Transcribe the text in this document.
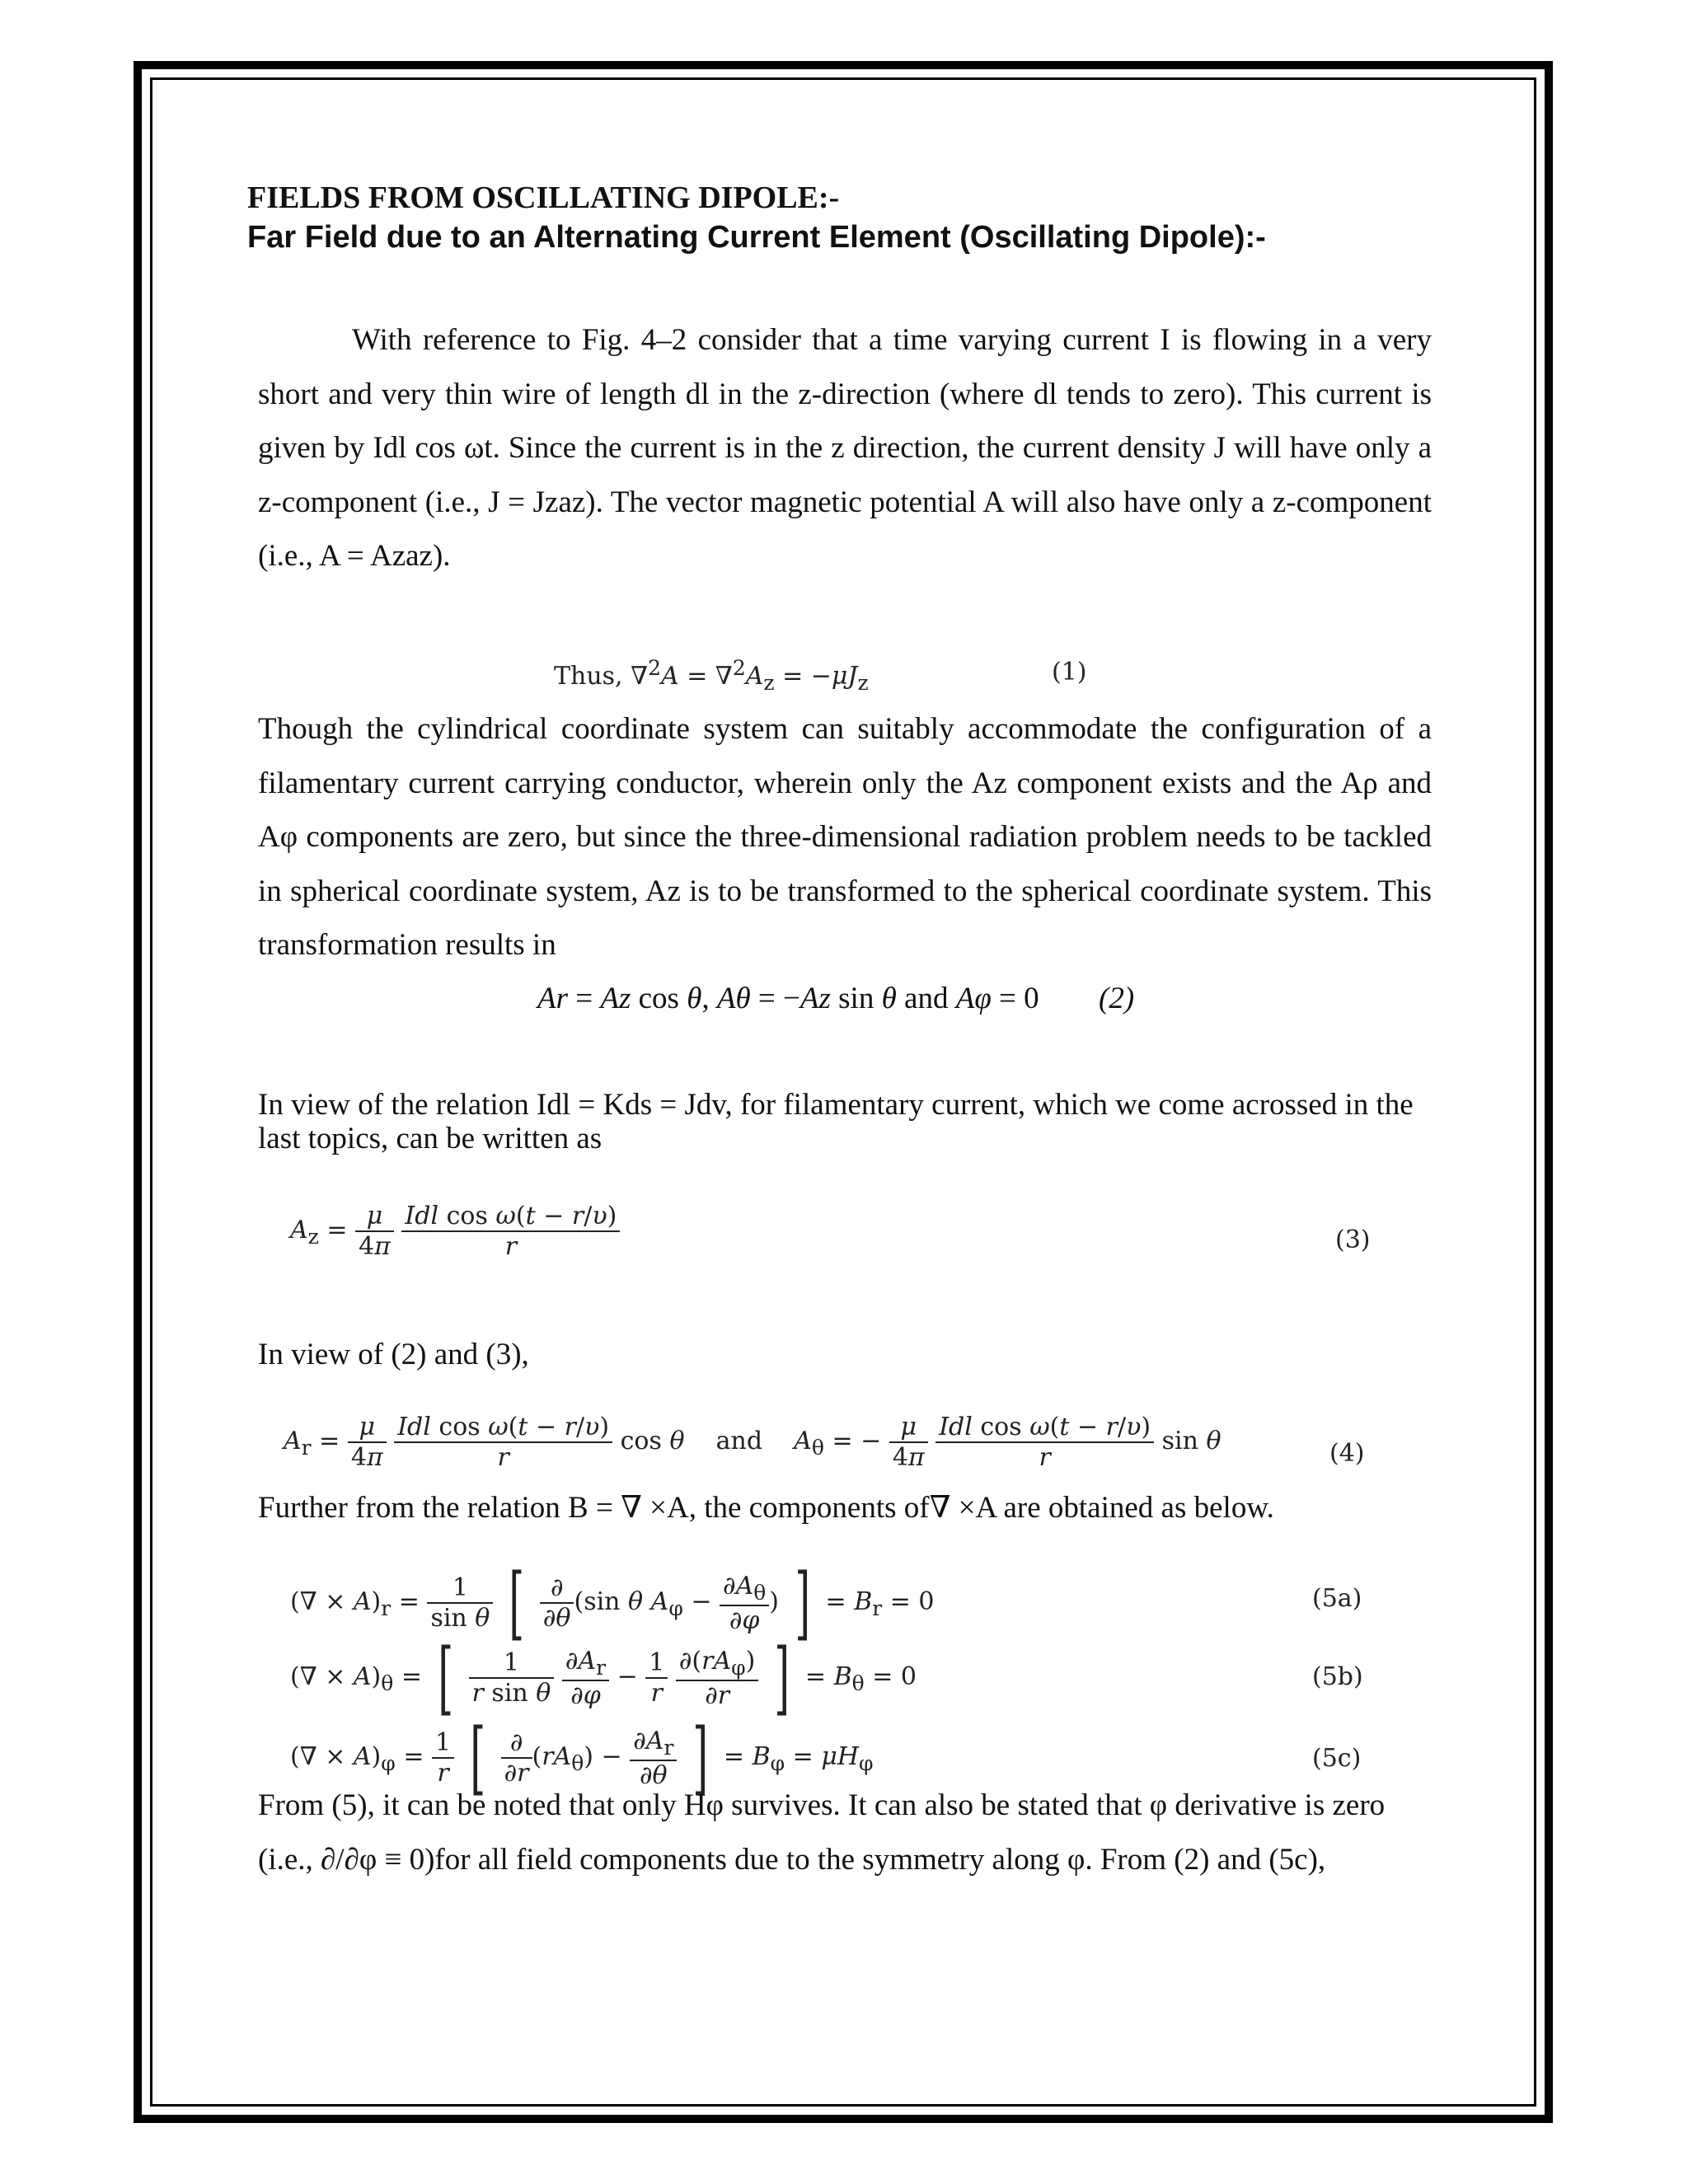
FIELDS FROM OSCILLATING DIPOLE:-
Far Field due to an Alternating Current Element (Oscillating Dipole):-

With reference to Fig. 4–2 consider that a time varying current I is flowing in a very short and very thin wire of length dl in the z-direction (where dl tends to zero). This current is given by Idl cos ωt. Since the current is in the z direction, the current density J will have only a z-component (i.e., J = Jzaz). The vector magnetic potential A will also have only a z-component (i.e., A = Azaz).

Thus, $\nabla^2A = \nabla^2A_z = -\mu J_z$	(1)

Though the cylindrical coordinate system can suitably accommodate the configuration of a filamentary current carrying conductor, wherein only the Az component exists and the Aρ and Aφ components are zero, but since the three-dimensional radiation problem needs to be tackled in spherical coordinate system, Az is to be transformed to the spherical coordinate system. This transformation results in

Ar = Az cos θ, Aθ = −Az sin θ and Aφ = 0 (2)

In view of the relation Idl = Kds = Jdv, for filamentary current, which we come acrossed in the last topics, can be written as

$A_z = \frac{\mu}{4\pi}$
$\frac{\text{Idl cos ω(t − r/υ)}}{r}$	(3)
In view of (2) and (3),
$A_r = \frac{\mu}{4\pi}$
$\frac{\text{Idl cos ω(t − r/υ)}}{r}$ cos θ    and    $A_\theta$ = − $\frac{\mu}{4\pi}$
$\frac{\text{Idl cos ω(t − r/υ)}}{r}$ sin θ	(4)
Further from the relation B = ∇ ×A, the components of∇ ×A are obtained as below.
(∇ × $A)_r = \frac{1}{\text{sin θ}}$ [ $\frac{\partial}{\partial\theta} (\sin$ θ $A_\varphi - \frac{\partial A_\theta}{\partial\varphi}$ ) ] = $B_r = 0$	(5a)
(∇ × $A)_\theta$ = [ $\frac{1}{\text{r sin θ}}$
$\frac{\partial A_r}{\partial\varphi} - \frac{1}{r}$
$\frac{\partial(rA_\varphi)}{\partial r}$ ] = $B_\theta = 0$	(5b)
(∇ × $A)_\varphi = \frac{1}{r}$ [ $\frac{\partial}{\partial r} (rA_\theta) - \frac{\partial A_r}{\partial\theta}$ ] = $B_\varphi = \mu H_\varphi$	(5c)

From (5), it can be noted that only Hφ survives. It can also be stated that φ derivative is zero (i.e., ∂/∂φ ≡ 0)for all field components due to the symmetry along φ. From (2) and (5c),
